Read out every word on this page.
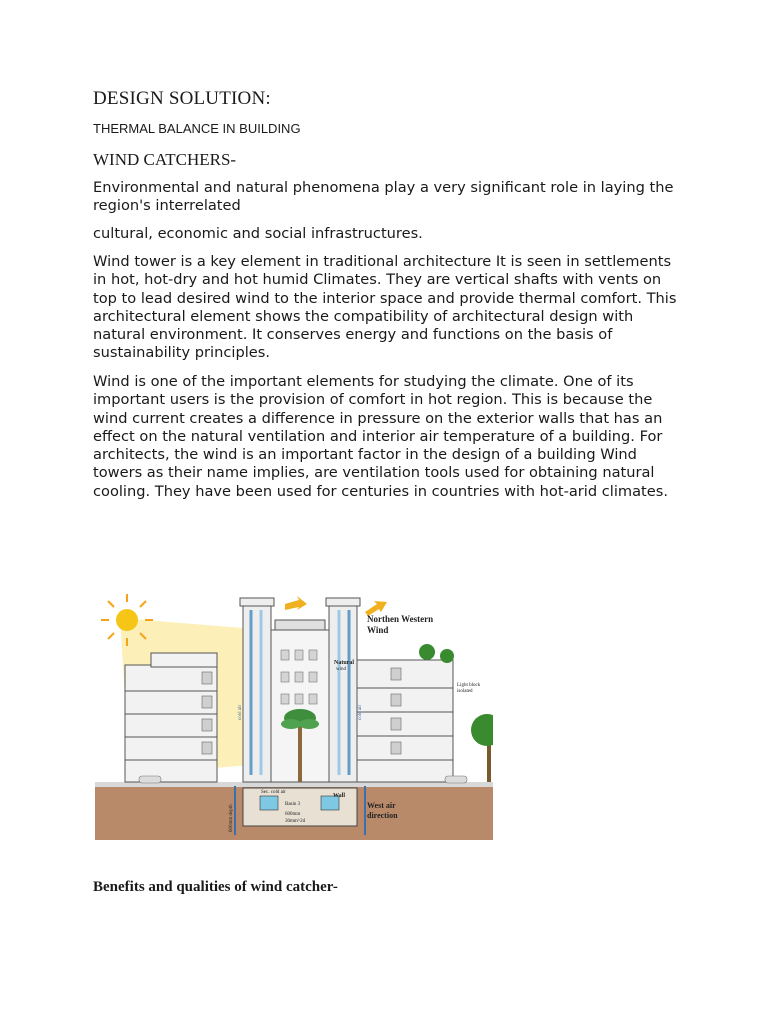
DESIGN SOLUTION:
THERMAL BALANCE IN BUILDING
WIND CATCHERS-

Environmental and natural phenomena play a very significant role in laying the region's interrelated

cultural, economic and social infrastructures.

Wind tower is a key element in traditional architecture It is seen in settlements in hot, hot-dry and hot humid Climates. They are vertical shafts with vents on top to lead desired wind to the interior space and provide thermal comfort. This architectural element shows the compatibility of architectural design with natural environment. It conserves energy and functions on the basis of sustainability principles.

Wind is one of the important elements for studying the climate. One of its important users is the provision of comfort in hot region. This is because the wind current creates a difference in pressure on the exterior walls that has an effect on the natural ventilation and interior air temperature of a building. For architects, the wind is an important factor in the design of a building Wind towers as their name implies, are ventilation tools used for obtaining natural cooling. They have been used for centuries in countries with hot-arid climates.

Northen Western
Wind
Natural
wind
Light block
isolated
West air
direction
Sec. cold air
Wall
Basin 3
600mm
30mm^2d
600mm depth
cold air
cool air
Benefits and qualities of wind catcher-
